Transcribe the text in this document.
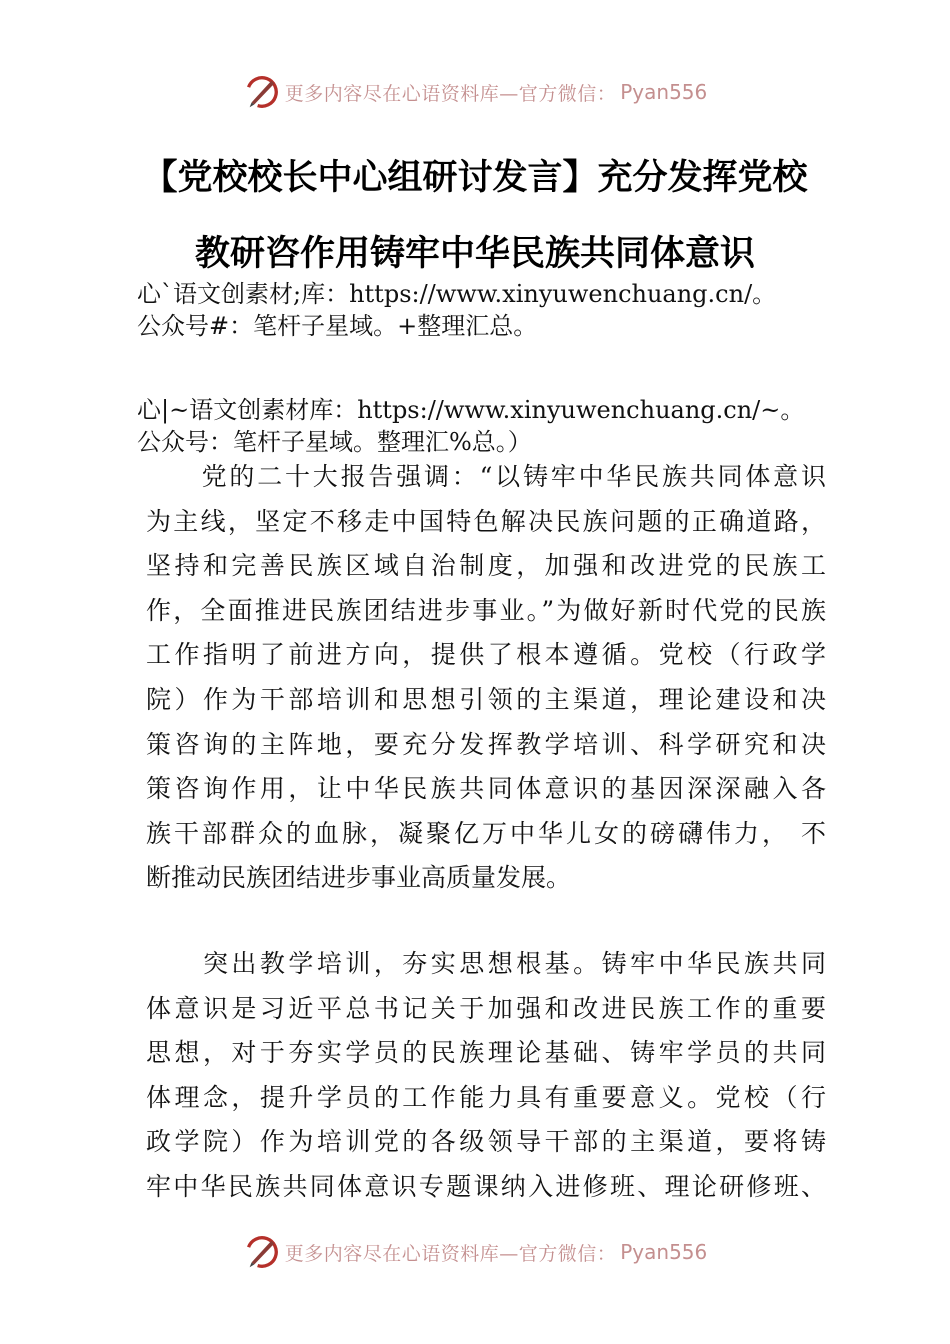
更多内容尽在心语资料库—官方微信： Pyan556
【党校校长中心组研讨发言】充分发挥党校
教研咨作用铸牢中华民族共同体意识
心`语文创素材;库：https://www.xinyuwenchuang.cn/。
公众号#：笔杆子星域。+整理汇总。
心|~语文创素材库：https://www.xinyuwenchuang.cn/~。
公众号：笔杆子星域。整理汇%总。）
　　党的二十大报告强调：“以铸牢中华民族共同体意识
为主线，坚定不移走中国特色解决民族问题的正确道路，
坚持和完善民族区域自治制度，加强和改进党的民族工
作，全面推进民族团结进步事业。”为做好新时代党的民族
工作指明了前进方向，提供了根本遵循。党校（行政学
院）作为干部培训和思想引领的主渠道，理论建设和决
策咨询的主阵地，要充分发挥教学培训、科学研究和决
策咨询作用，让中华民族共同体意识的基因深深融入各
族干部群众的血脉，凝聚亿万中华儿女的磅礴伟力， 不
断推动民族团结进步事业高质量发展。
　　突出教学培训，夯实思想根基。铸牢中华民族共同
体意识是习近平总书记关于加强和改进民族工作的重要
思想，对于夯实学员的民族理论基础、铸牢学员的共同
体理念，提升学员的工作能力具有重要意义。党校（行
政学院）作为培训党的各级领导干部的主渠道，要将铸
牢中华民族共同体意识专题课纳入进修班、理论研修班、
更多内容尽在心语资料库—官方微信： Pyan556
